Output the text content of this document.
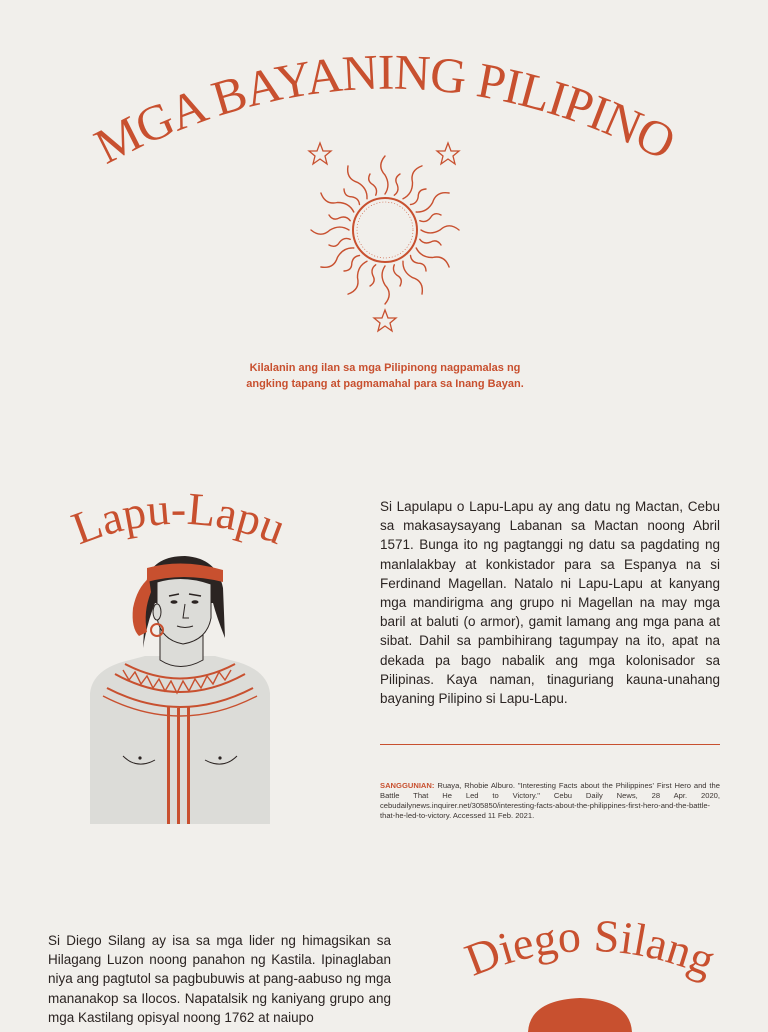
MGA BAYANING PILIPINO
Kilalanin ang ilan sa mga Pilipinong nagpamalas ng
angking tapang at pagmamahal para sa Inang Bayan.
Lapu-Lapu	Si Lapulapu o Lapu-Lapu ay ang datu ng Mactan, Cebu sa makasaysayang Labanan sa Mactan noong Abril 1571. Bunga ito ng pagtanggi ng datu sa pagdating ng manlalakbay at konkistador para sa Espanya na si Ferdinand Magellan. Natalo ni Lapu-Lapu at kanyang mga mandirigma ang grupo ni Magellan na may mga baril at baluti (o armor), gamit lamang ang mga pana at sibat. Dahil sa pambihirang tagumpay na ito, apat na dekada pa bago nabalik ang mga kolonisador sa Pilipinas. Kaya naman, tinaguriang kauna-unahang bayaning Pilipino si Lapu-Lapu.
SANGGUNIAN: Ruaya, Rhobie Alburo. "Interesting Facts about the Philippines' First Hero and the Battle That He Led to Victory." Cebu Daily News, 28 Apr. 2020, cebudailynews.inquirer.net/305850/interesting-facts-about-the-philippines-first-hero-and-the-battle-that-he-led-to-victory. Accessed 11 Feb. 2021.
Si Diego Silang ay isa sa mga lider ng himagsikan sa Hilagang Luzon noong panahon ng Kastila. Ipinaglaban niya ang pagtutol sa pagbubuwis at pang-aabuso ng mga mananakop sa Ilocos. Napatalsik ng kaniyang grupo ang mga Kastilang opisyal noong 1762 at naiupo
Diego Silang
